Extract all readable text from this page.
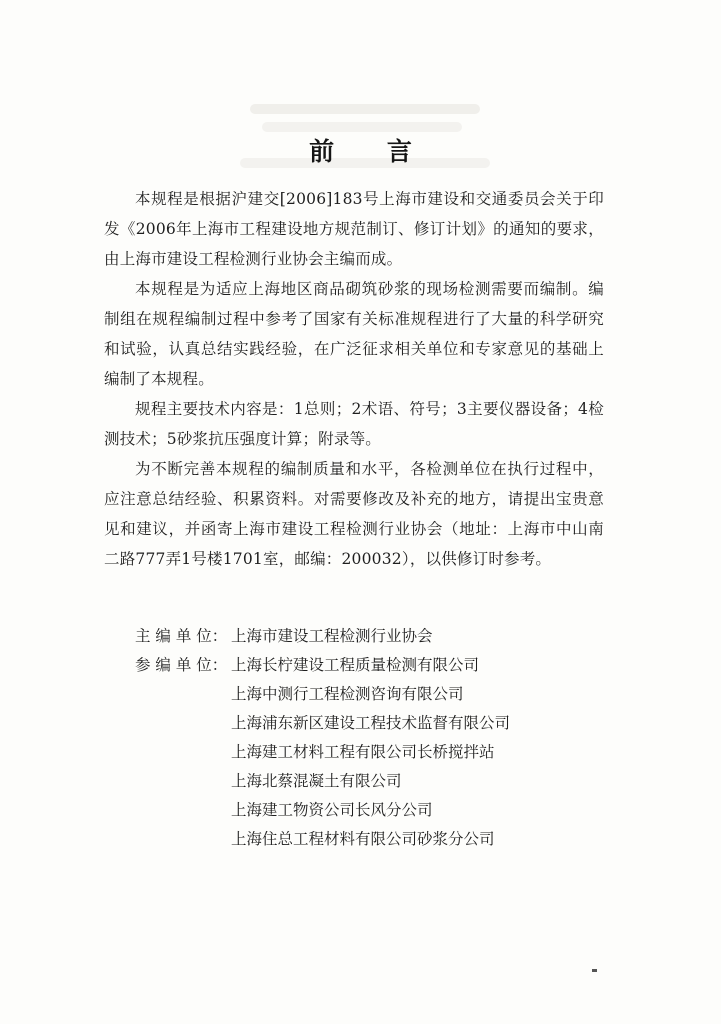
前 言

本规程是根据沪建交[2006]183号上海市建设和交通委员会关于印发《2006年上海市工程建设地方规范制订、修订计划》的通知的要求，由上海市建设工程检测行业协会主编而成。

本规程是为适应上海地区商品砌筑砂浆的现场检测需要而编制。编制组在规程编制过程中参考了国家有关标准规程进行了大量的科学研究和试验，认真总结实践经验，在广泛征求相关单位和专家意见的基础上编制了本规程。

规程主要技术内容是：1总则；2术语、符号；3主要仪器设备；4检测技术；5砂浆抗压强度计算；附录等。

为不断完善本规程的编制质量和水平，各检测单位在执行过程中，应注意总结经验、积累资料。对需要修改及补充的地方，请提出宝贵意见和建议，并函寄上海市建设工程检测行业协会（地址：上海市中山南二路777弄1号楼1701室，邮编：200032），以供修订时参考。

主 编 单 位： 上海市建设工程检测行业协会
参 编 单 位： 上海长柠建设工程质量检测有限公司
上海中测行工程检测咨询有限公司
上海浦东新区建设工程技术监督有限公司
上海建工材料工程有限公司长桥搅拌站
上海北蔡混凝土有限公司
上海建工物资公司长风分公司
上海住总工程材料有限公司砂浆分公司
